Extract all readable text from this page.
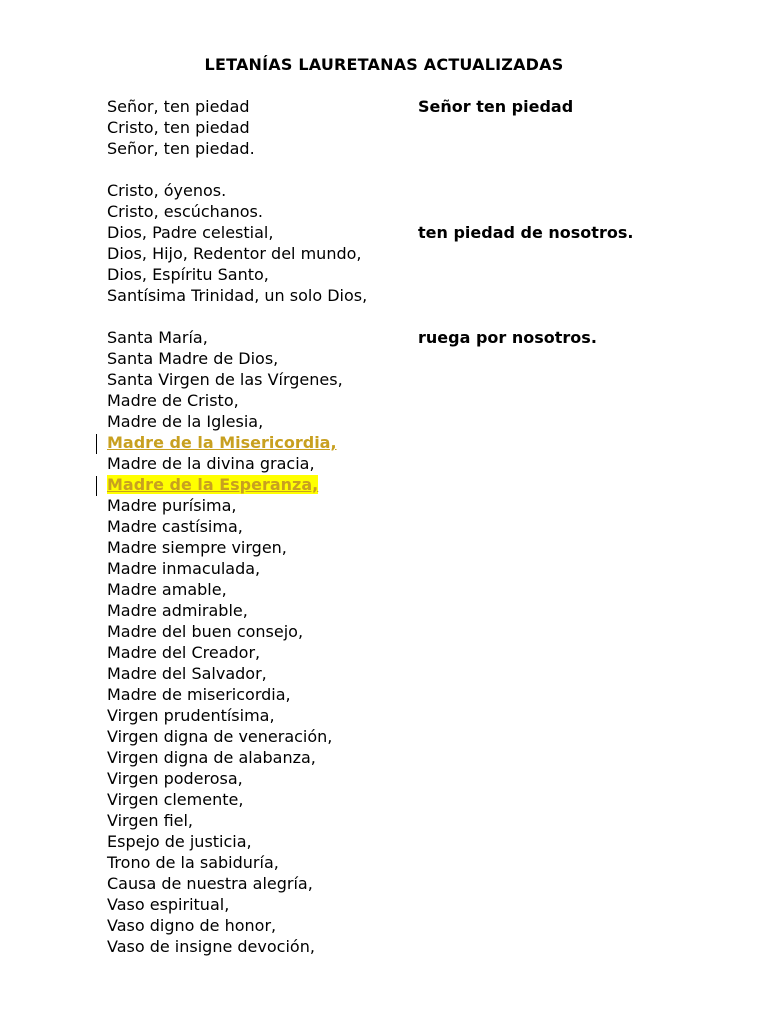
LETANÍAS LAURETANAS ACTUALIZADAS
Señor, ten piedad
Cristo, ten piedad
Señor, ten piedad.
Cristo, óyenos.
Cristo, escúchanos.
Dios, Padre celestial,
Dios, Hijo, Redentor del mundo,
Dios, Espíritu Santo,
Santísima Trinidad, un solo Dios,
Santa María,
Santa Madre de Dios,
Santa Virgen de las Vírgenes,
Madre de Cristo,
Madre de la Iglesia,
Madre de la Misericordia,
Madre de la divina gracia,
Madre de la Esperanza,
Madre purísima,
Madre castísima,
Madre siempre virgen,
Madre inmaculada,
Madre amable,
Madre admirable,
Madre del buen consejo,
Madre del Creador,
Madre del Salvador,
Madre de misericordia,
Virgen prudentísima,
Virgen digna de veneración,
Virgen digna de alabanza,
Virgen poderosa,
Virgen clemente,
Virgen fiel,
Espejo de justicia,
Trono de la sabiduría,
Causa de nuestra alegría,
Vaso espiritual,
Vaso digno de honor,
Vaso de insigne devoción,
Señor ten piedad
ten piedad de nosotros.
ruega por nosotros.
